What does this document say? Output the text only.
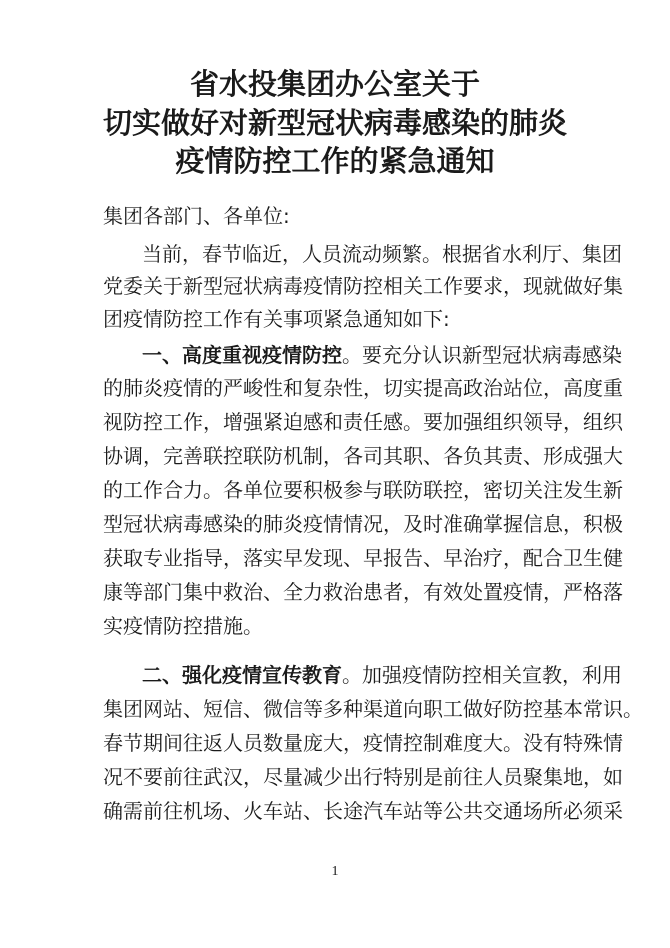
省水投集团办公室关于
切实做好对新型冠状病毒感染的肺炎
疫情防控工作的紧急通知
集团各部门、各单位:
当前，春节临近，人员流动频繁。根据省水利厅、集团
党委关于新型冠状病毒疫情防控相关工作要求，现就做好集
团疫情防控工作有关事项紧急通知如下:
一、高度重视疫情防控。要充分认识新型冠状病毒感染
的肺炎疫情的严峻性和复杂性，切实提高政治站位，高度重
视防控工作，增强紧迫感和责任感。要加强组织领导，组织
协调，完善联控联防机制，各司其职、各负其责、形成强大
的工作合力。各单位要积极参与联防联控，密切关注发生新
型冠状病毒感染的肺炎疫情情况，及时准确掌握信息，积极
获取专业指导，落实早发现、早报告、早治疗，配合卫生健
康等部门集中救治、全力救治患者，有效处置疫情，严格落
实疫情防控措施。
二、强化疫情宣传教育。加强疫情防控相关宣教，利用
集团网站、短信、微信等多种渠道向职工做好防控基本常识。
春节期间往返人员数量庞大，疫情控制难度大。没有特殊情
况不要前往武汉，尽量减少出行特别是前往人员聚集地，如
确需前往机场、火车站、长途汽车站等公共交通场所必须采
1
